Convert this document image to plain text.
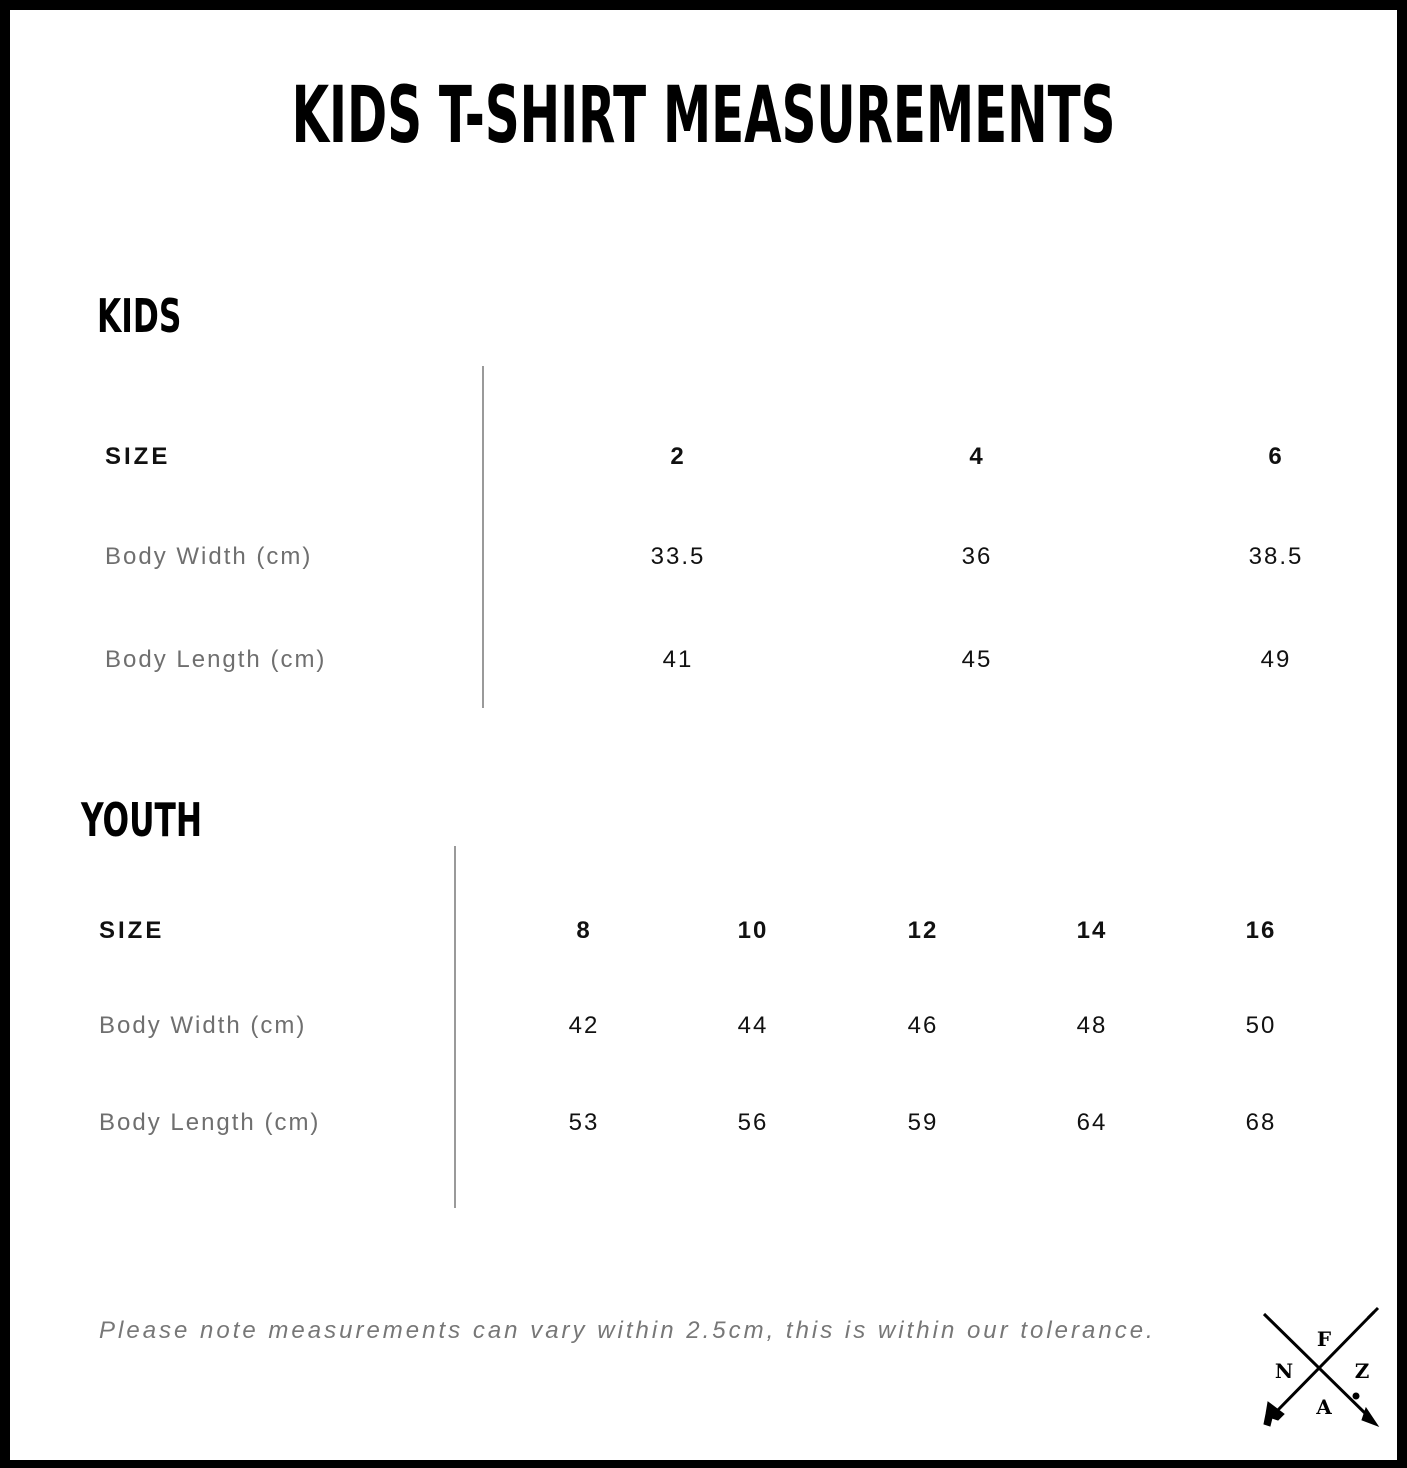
KIDS T-SHIRT MEASUREMENTS
KIDS
SIZE	2	4	6
Body Width (cm)	33.5	36	38.5
Body Length (cm)	41	45	49
YOUTH
SIZE	8	10	12	14	16
Body Width (cm)	42	44	46	48	50
Body Length (cm)	53	56	59	64	68
Please note measurements can vary within 2.5cm, this is within our tolerance.	F
N	Z
A
